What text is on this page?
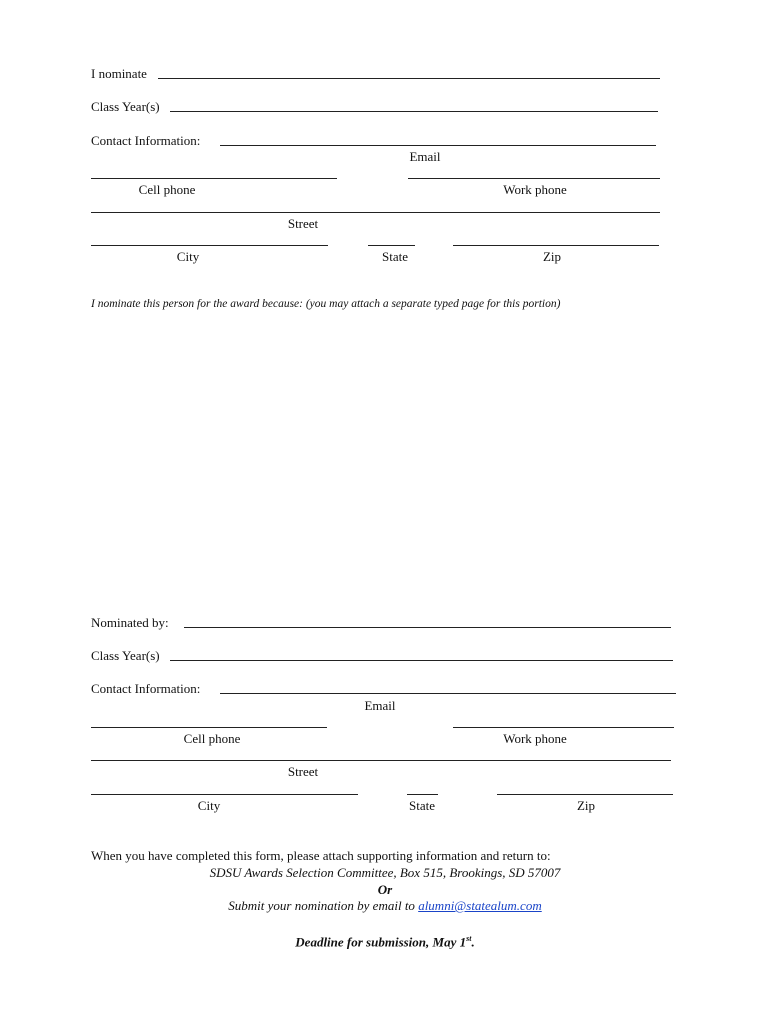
I nominate
Class Year(s)
Contact Information:
Email
Cell phone	Work phone
Street
City	State	Zip
I nominate this person for the award because: (you may attach a separate typed page for this portion)
Nominated by:
Class Year(s)
Contact Information:
Email
Cell phone	Work phone
Street
City	State	Zip
When you have completed this form, please attach supporting information and return to:
SDSU Awards Selection Committee, Box 515, Brookings, SD 57007
Or
Submit your nomination by email to alumni@statealum.com
Deadline for submission, May 1st.
